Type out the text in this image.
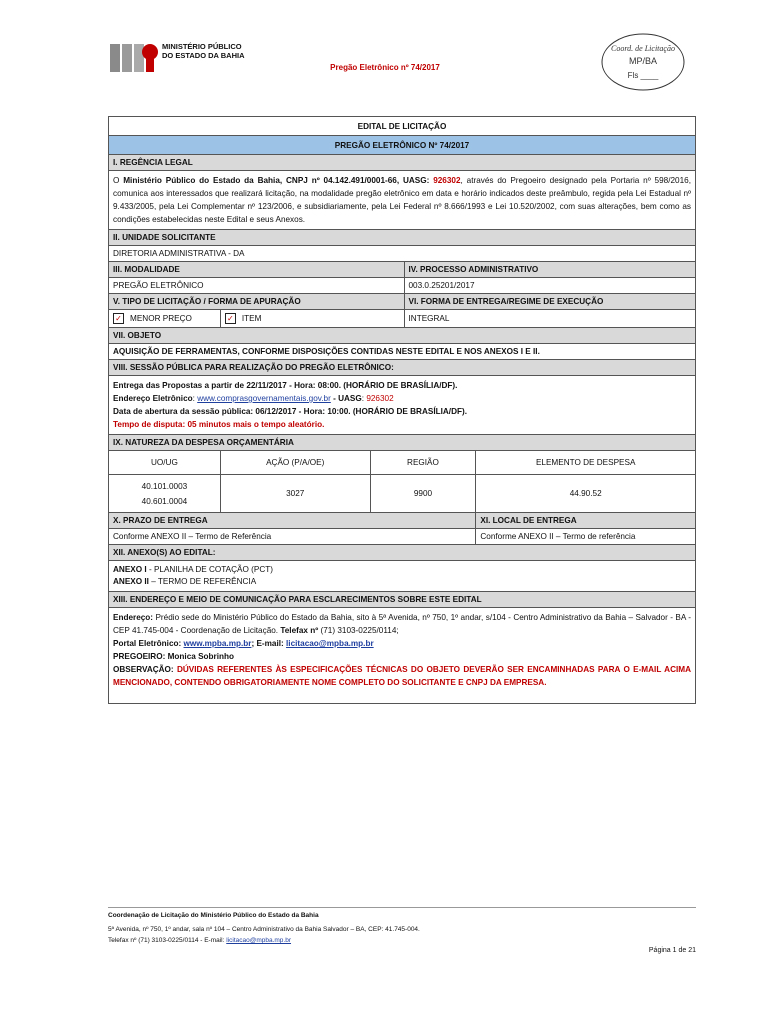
MINISTÉRIO PÚBLICO
DO ESTADO DA BAHIA
Pregão Eletrônico nº 74/2017
Coord. de Licitação
MP/BA
Fls ____
EDITAL DE LICITAÇÃO				
PREGÃO ELETRÔNICO Nº 74/2017				
I. REGÊNCIA LEGAL				
O Ministério Público do Estado da Bahia, CNPJ nº 04.142.491/0001-66, UASG: 926302, através do Pregoeiro designado pela Portaria nº 598/2016, comunica aos interessados que realizará licitação, na modalidade pregão eletrônico em data e horário indicados deste preâmbulo, regida pela Lei Estadual nº 9.433/2005, pela Lei Complementar nº 123/2006, e subsidiariamente, pela Lei Federal nº 8.666/1993 e Lei 10.520/2002, com suas alterações, bem como as condições estabelecidas neste Edital e seus Anexos.				
II. UNIDADE SOLICITANTE				
DIRETORIA ADMINISTRATIVA - DA				
III. MODALIDADE			IV. PROCESSO ADMINISTRATIVO	
PREGÃO ELETRÔNICO			003.0.25201/2017	
V. TIPO DE LICITAÇÃO / FORMA DE APURAÇÃO			VI. FORMA DE ENTREGA/REGIME DE EXECUÇÃO	
✓ MENOR PREÇO	✓ ITEM		INTEGRAL	
VII. OBJETO				
AQUISIÇÃO DE FERRAMENTAS, CONFORME DISPOSIÇÕES CONTIDAS NESTE EDITAL E NOS ANEXOS I E II.				
VIII. SESSÃO PÚBLICA PARA REALIZAÇÃO DO PREGÃO ELETRÔNICO:				

Entrega das Propostas a partir de 22/11/2017 - Hora: 08:00. (HORÁRIO DE BRASÍLIA/DF).

Endereço Eletrônico: www.comprasgovernamentais.gov.br - UASG: 926302

Data de abertura da sessão pública: 06/12/2017 - Hora: 10:00. (HORÁRIO DE BRASÍLIA/DF).

Tempo de disputa: 05 minutos mais o tempo aleatório.				

IX. NATUREZA DA DESPESA ORÇAMENTÁRIA				
UO/UG	AÇÃO (P/A/OE)	REGIÃO		ELEMENTO DE DESPESA

40.101.0003
40.601.0004	3027	9900		44.90.52
X. PRAZO DE ENTREGA				XI. LOCAL DE ENTREGA
Conforme ANEXO II – Termo de Referência				Conforme ANEXO II – Termo de referência
XII. ANEXO(S) AO EDITAL:				

ANEXO I - PLANILHA DE COTAÇÃO (PCT)

ANEXO II – TERMO DE REFERÊNCIA				

XIII. ENDEREÇO E MEIO DE COMUNICAÇÃO PARA ESCLARECIMENTOS SOBRE ESTE EDITAL				
Endereço: Prédio sede do Ministério Público do Estado da Bahia, sito à 5ª Avenida, nº 750, 1º andar, s/104 - Centro Administrativo da Bahia – Salvador - BA - CEP 41.745-004 - Coordenação de Licitação. Telefax nº (71) 3103-0225/0114;
Portal Eletrônico: www.mpba.mp.br; E-mail: licitacao@mpba.mp.br
PREGOEIRO: Monica Sobrinho
OBSERVAÇÃO: DÚVIDAS REFERENTES ÀS ESPECIFICAÇÕES TÉCNICAS DO OBJETO DEVERÃO SER ENCAMINHADAS PARA O E-MAIL ACIMA MENCIONADO, CONTENDO OBRIGATORIAMENTE NOME COMPLETO DO SOLICITANTE E CNPJ DA EMPRESA.				
Coordenação de Licitação do Ministério Público do Estado da Bahia
5ª Avenida, nº 750, 1º andar, sala nº 104 – Centro Administrativo da Bahia Salvador – BA, CEP: 41.745-004.
Telefax nº (71) 3103-0225/0114 - E-mail: licitacao@mpba.mp.br
Página 1 de 21
